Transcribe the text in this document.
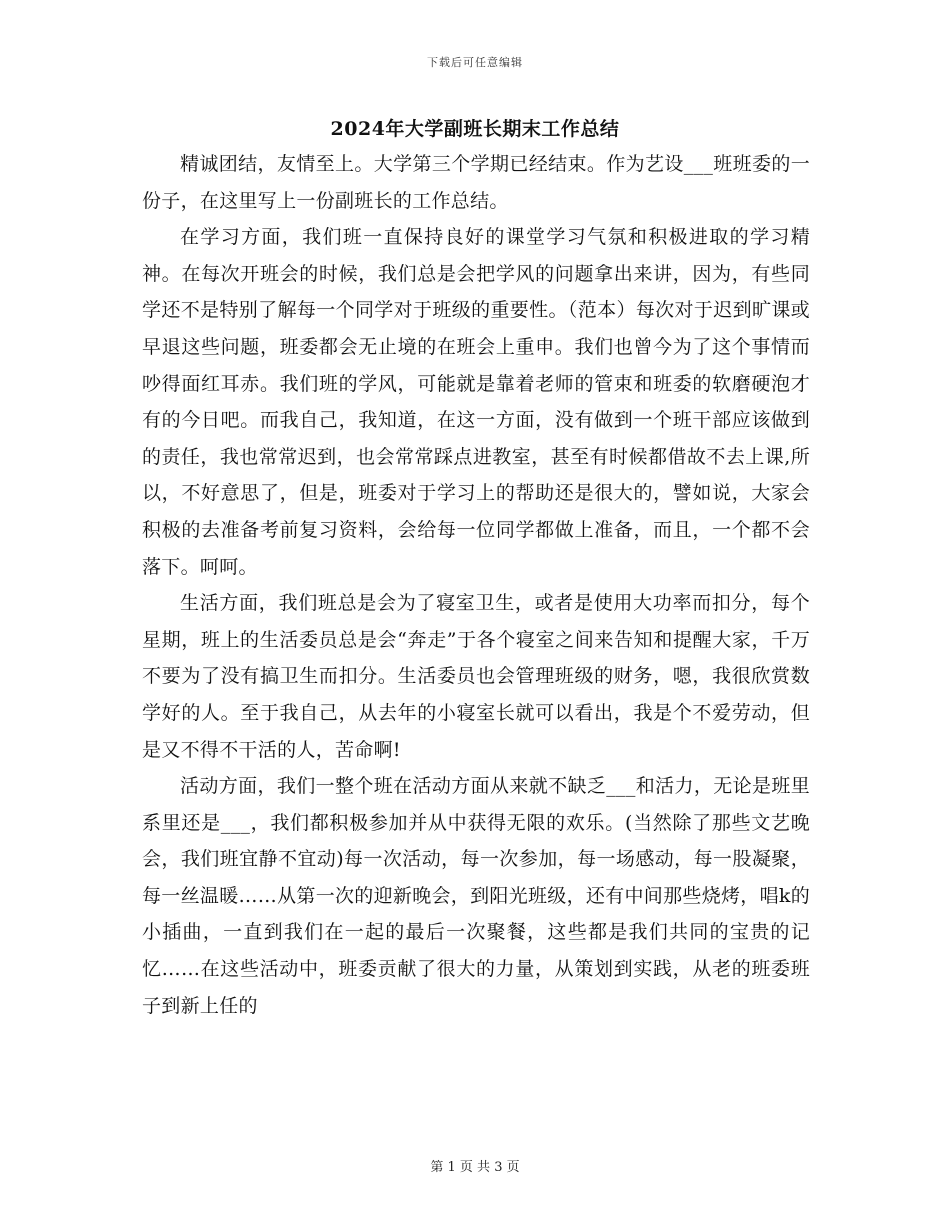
下载后可任意编辑
2024年大学副班长期末工作总结

精诚团结，友情至上。大学第三个学期已经结束。作为艺设___班班委的一份子，在这里写上一份副班长的工作总结。

在学习方面，我们班一直保持良好的课堂学习气氛和积极进取的学习精神。在每次开班会的时候，我们总是会把学风的问题拿出来讲，因为，有些同学还不是特别了解每一个同学对于班级的重要性。（范本）每次对于迟到旷课或早退这些问题，班委都会无止境的在班会上重申。我们也曾今为了这个事情而吵得面红耳赤。我们班的学风，可能就是靠着老师的管束和班委的软磨硬泡才有的今日吧。而我自己，我知道，在这一方面，没有做到一个班干部应该做到的责任，我也常常迟到，也会常常踩点进教室，甚至有时候都借故不去上课,所以，不好意思了，但是，班委对于学习上的帮助还是很大的，譬如说，大家会积极的去准备考前复习资料，会给每一位同学都做上准备，而且，一个都不会落下。呵呵。

生活方面，我们班总是会为了寝室卫生，或者是使用大功率而扣分，每个星期，班上的生活委员总是会“奔走”于各个寝室之间来告知和提醒大家，千万不要为了没有搞卫生而扣分。生活委员也会管理班级的财务，嗯，我很欣赏数学好的人。至于我自己，从去年的小寝室长就可以看出，我是个不爱劳动，但是又不得不干活的人，苦命啊!

活动方面，我们一整个班在活动方面从来就不缺乏___和活力，无论是班里系里还是___，我们都积极参加并从中获得无限的欢乐。(当然除了那些文艺晚会，我们班宜静不宜动)每一次活动，每一次参加，每一场感动，每一股凝聚，每一丝温暖……从第一次的迎新晚会，到阳光班级，还有中间那些烧烤，唱k的小插曲，一直到我们在一起的最后一次聚餐，这些都是我们共同的宝贵的记忆……在这些活动中，班委贡献了很大的力量，从策划到实践，从老的班委班子到新上任的

第 1 页 共 3 页
